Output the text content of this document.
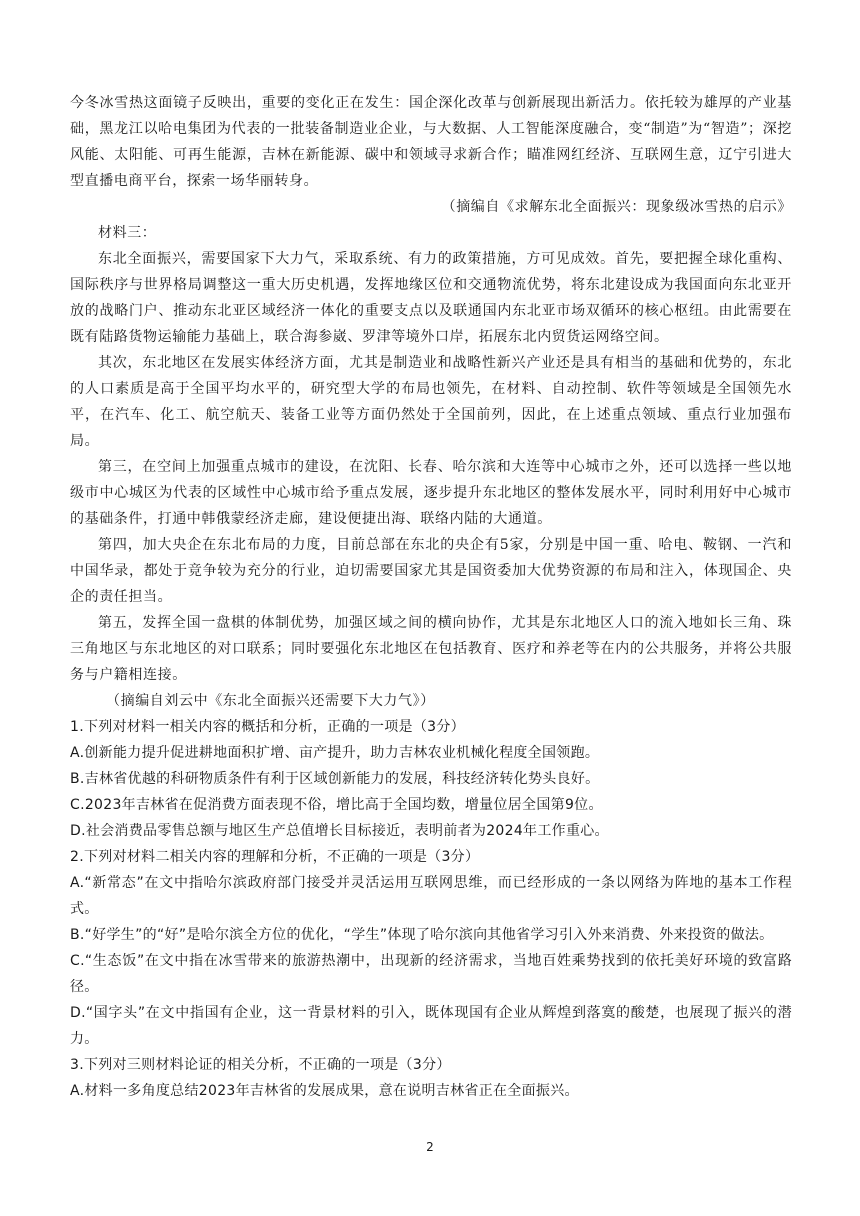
今冬冰雪热这面镜子反映出，重要的变化正在发生：国企深化改革与创新展现出新活力。依托较为雄厚的产业基础，黑龙江以哈电集团为代表的一批装备制造业企业，与大数据、人工智能深度融合，变“制造”为“智造”；深挖风能、太阳能、可再生能源，吉林在新能源、碳中和领域寻求新合作；瞄准网红经济、互联网生意，辽宁引进大型直播电商平台，探索一场华丽转身。

（摘编自《求解东北全面振兴：现象级冰雪热的启示》

材料三：

东北全面振兴，需要国家下大力气，采取系统、有力的政策措施，方可见成效。首先，要把握全球化重构、国际秩序与世界格局调整这一重大历史机遇，发挥地缘区位和交通物流优势，将东北建设成为我国面向东北亚开放的战略门户、推动东北亚区域经济一体化的重要支点以及联通国内东北亚市场双循环的核心枢纽。由此需要在既有陆路货物运输能力基础上，联合海参崴、罗津等境外口岸，拓展东北内贸货运网络空间。

其次，东北地区在发展实体经济方面，尤其是制造业和战略性新兴产业还是具有相当的基础和优势的，东北的人口素质是高于全国平均水平的，研究型大学的布局也领先，在材料、自动控制、软件等领域是全国领先水平，在汽车、化工、航空航天、装备工业等方面仍然处于全国前列，因此，在上述重点领域、重点行业加强布局。

第三，在空间上加强重点城市的建设，在沈阳、长春、哈尔滨和大连等中心城市之外，还可以选择一些以地级市中心城区为代表的区域性中心城市给予重点发展，逐步提升东北地区的整体发展水平，同时利用好中心城市的基础条件，打通中韩俄蒙经济走廊，建设便捷出海、联络内陆的大通道。

第四，加大央企在东北布局的力度，目前总部在东北的央企有5家，分别是中国一重、哈电、鞍钢、一汽和中国华录，都处于竞争较为充分的行业，迫切需要国家尤其是国资委加大优势资源的布局和注入，体现国企、央企的责任担当。

第五，发挥全国一盘棋的体制优势，加强区域之间的横向协作，尤其是东北地区人口的流入地如长三角、珠三角地区与东北地区的对口联系；同时要强化东北地区在包括教育、医疗和养老等在内的公共服务，并将公共服务与户籍相连接。

（摘编自刘云中《东北全面振兴还需要下大力气》）

1.下列对材料一相关内容的概括和分析，正确的一项是（3分）

A.创新能力提升促进耕地面积扩增、亩产提升，助力吉林农业机械化程度全国领跑。

B.吉林省优越的科研物质条件有利于区域创新能力的发展，科技经济转化势头良好。

C.2023年吉林省在促消费方面表现不俗，增比高于全国均数，增量位居全国第9位。

D.社会消费品零售总额与地区生产总值增长目标接近，表明前者为2024年工作重心。

2.下列对材料二相关内容的理解和分析，不正确的一项是（3分）

A.“新常态”在文中指哈尔滨政府部门接受并灵活运用互联网思维，而已经形成的一条以网络为阵地的基本工作程式。

B.“好学生”的“好”是哈尔滨全方位的优化，“学生”体现了哈尔滨向其他省学习引入外来消费、外来投资的做法。

C.“生态饭”在文中指在冰雪带来的旅游热潮中，出现新的经济需求，当地百姓乘势找到的依托美好环境的致富路径。

D.“国字头”在文中指国有企业，这一背景材料的引入，既体现国有企业从辉煌到落寞的酸楚，也展现了振兴的潜力。

3.下列对三则材料论证的相关分析，不正确的一项是（3分）

A.材料一多角度总结2023年吉林省的发展成果，意在说明吉林省正在全面振兴。

2
